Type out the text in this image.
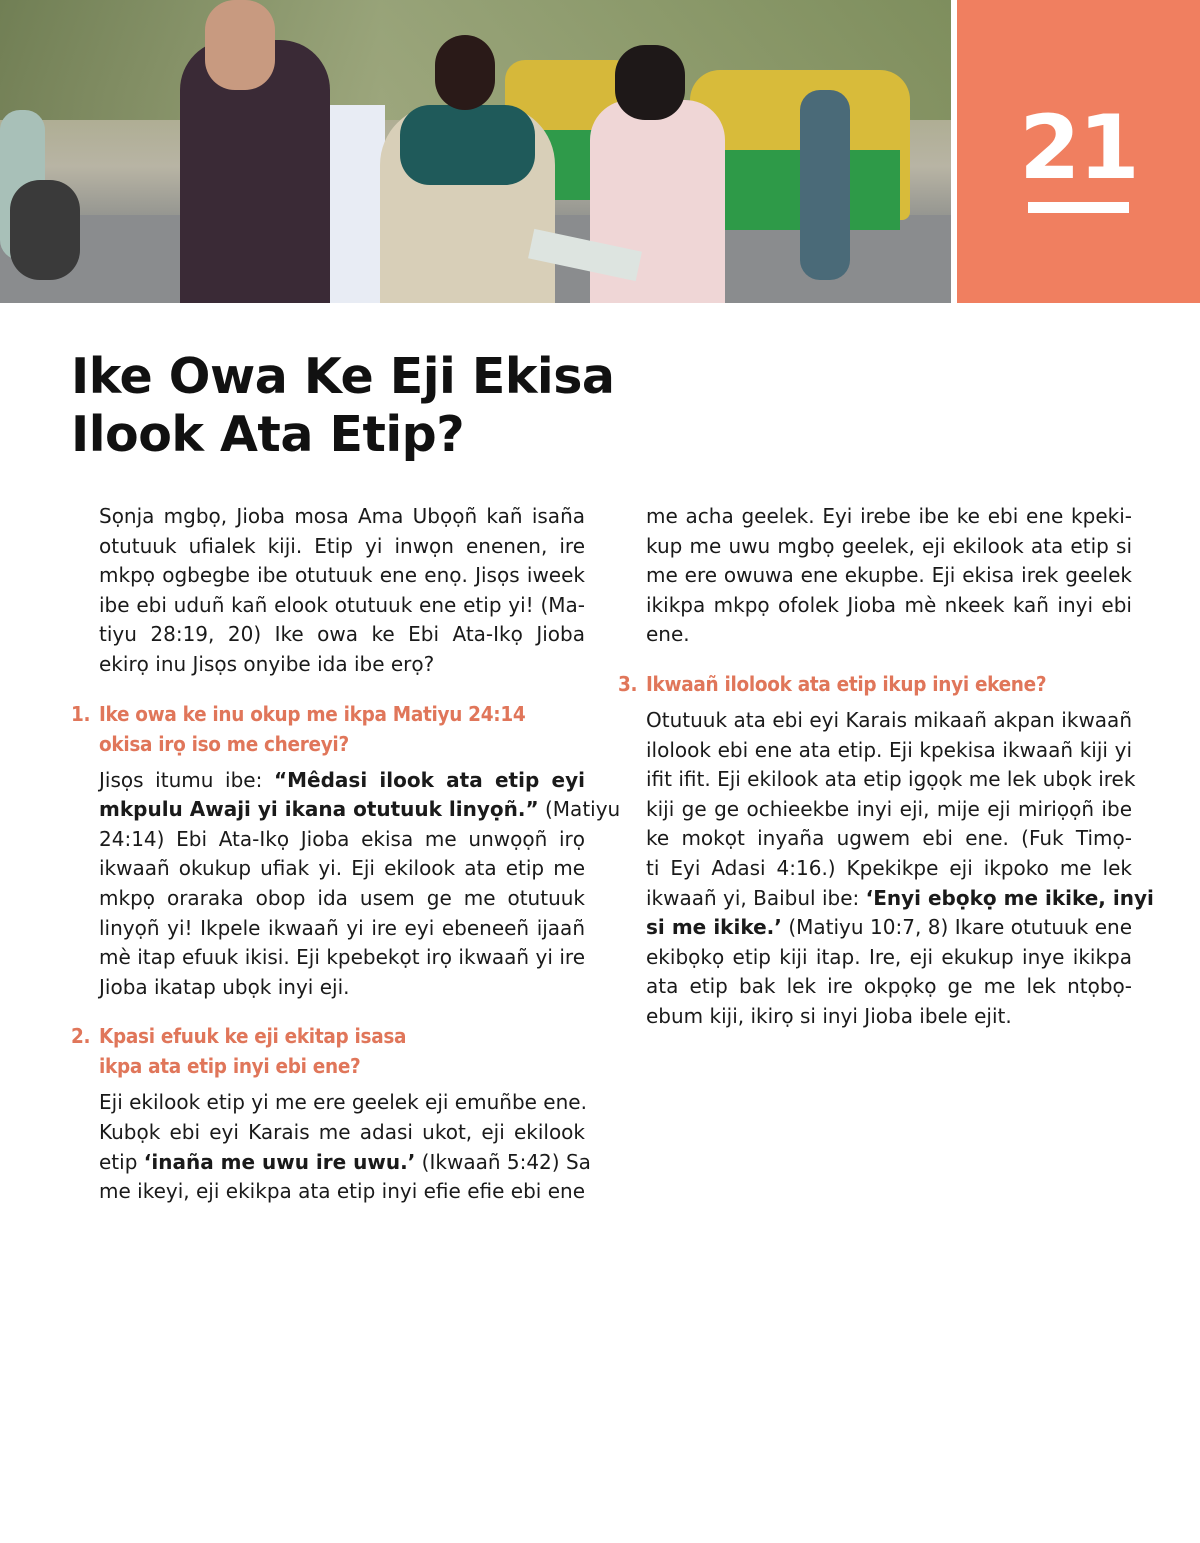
21
Ike Owa Ke Eji Ekisa
Ilook Ata Etip?
Sọnja mgbọ, Jioba mosa Ama Ubọọñ kañ isaña
otutuuk ufialek kiji. Etip yi inwọn enenen, ire
mkpọ ogbegbe ibe otutuuk ene enọ. Jisọs iweek
ibe ebi uduñ kañ elook otutuuk ene etip yi! (Ma-
tiyu 28:19, 20) Ike owa ke Ebi Ata-Ikọ Jioba
ekirọ inu Jisọs onyibe ida ibe erọ?
1. Ike owa ke inu okup me ikpa Matiyu 24:14
okisa irọ iso me chereyi?
Jisọs itumu ibe: “Mêdasi ilook ata etip eyi
mkpulu Awaji yi ikana otutuuk linyọñ.” (Matiyu
24:14) Ebi Ata-Ikọ Jioba ekisa me unwọọñ irọ
ikwaañ okukup ufiak yi. Eji ekilook ata etip me
mkpọ oraraka obop ida usem ge me otutuuk
linyọñ yi! Ikpele ikwaañ yi ire eyi ebeneeñ ijaañ
mè itap efuuk ikisi. Eji kpebekọt irọ ikwaañ yi ire
Jioba ikatap ubọk inyi eji.
2. Kpasi efuuk ke eji ekitap isasa
ikpa ata etip inyi ebi ene?
Eji ekilook etip yi me ere geelek eji emuñbe ene.
Kubọk ebi eyi Karais me adasi ukot, eji ekilook
etip ‘inaña me uwu ire uwu.’ (Ikwaañ 5:42) Sa
me ikeyi, eji ekikpa ata etip inyi efie efie ebi ene
me acha geelek. Eyi irebe ibe ke ebi ene kpeki-
kup me uwu mgbọ geelek, eji ekilook ata etip si
me ere owuwa ene ekupbe. Eji ekisa irek geelek
ikikpa mkpọ ofolek Jioba mè nkeek kañ inyi ebi
ene.
3. Ikwaañ ilolook ata etip ikup inyi ekene?
Otutuuk ata ebi eyi Karais mikaañ akpan ikwaañ
ilolook ebi ene ata etip. Eji kpekisa ikwaañ kiji yi
ifit ifit. Eji ekilook ata etip igọọk me lek ubọk irek
kiji ge ge ochieekbe inyi eji, mije eji miriọọñ ibe
ke mokọt inyaña ugwem ebi ene. (Fuk Timọ-
ti Eyi Adasi 4:16.) Kpekikpe eji ikpoko me lek
ikwaañ yi, Baibul ibe: ‘Enyi ebọkọ me ikike, inyi
si me ikike.’ (Matiyu 10:7, 8) Ikare otutuuk ene
ekibọkọ etip kiji itap. Ire, eji ekukup inye ikikpa
ata etip bak lek ire okpọkọ ge me lek ntọbọ-
ebum kiji, ikirọ si inyi Jioba ibele ejit.
